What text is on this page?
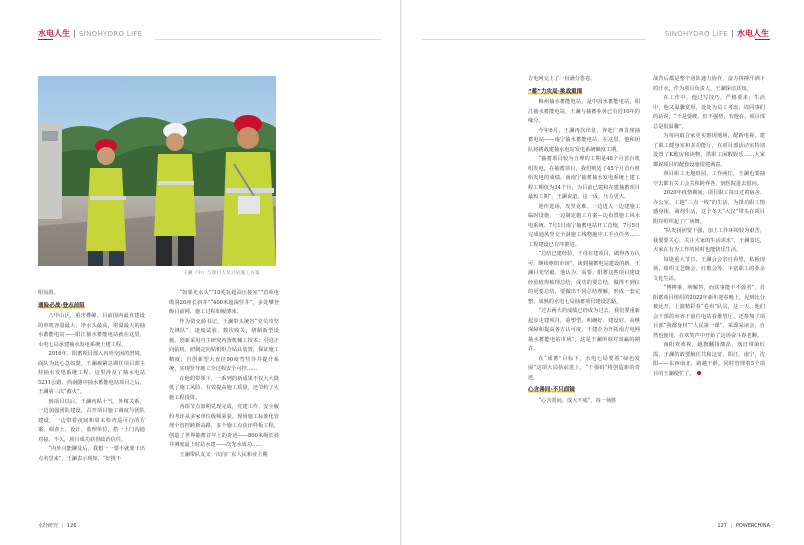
水电人生 SINOHYDRO LIFE
王澜（中）与项目人员讨论施工方案

组氛围。

通险必战·登志前阻

八甲山区，重峦叠嶂。目前国内最直建设的单机容量最大、净水头最高，堪溢最大的抽水蓄能电站——阳江抽水蓄能电站就在这里，水电七局承建抽水发电系统土建工程。

2016年，阳蓄项目部入内外交困的窘境，面队为此心急如焚。王澜被紧急调任项目部主持抽水发电系统工程。这里涉及了抽水电站5211公路、尚南隧中抽水蓄能电站项目之后，王澜第三次“救火”。

到项目以后，王澜内贴十气、外树关系，一边加强团队建设，召开项目施工调度与团队建设，一边带着夜间和周末检查巡可行的方案、调查土、设计、监理单位，搭一上门沟通对接。不久，项目成功获得政治信任。

“内外兴能聊及后，我想一一要不就要干出点名堂来”，王澜表示现如，“好挑不

“如果光水头”“10兆瓦超高压接室”“首项电缆洞26座长斜井”“400米超深竖井”，多处攀登级目前网，施工过程如履薄冰。

作为资交源书记，王澜带头统谷“党员攻坚先锋队”，逢度试验，数次收关，研制新型设施，创新采用自主研究内置机械工技术；引进正向钻机、研制定向钻机组合钻具装置，保证施工精度；自创新型大直径90度弯竖导井提升系统，实现竖导施工全过程安全可控……

在他的带领下，一系列的新成果不仅大大降低了施工风险，有效提高施工质量，还节约了大施工程投资。

各项节点如期兑现完成，党建工作、安全履约考评从多家单位级频荣获。现场施工标准化管理全管控跨新高路，多个施工点获评样板工程，创造了世界抽蓄首年上的奇迹——800米级长斜井测度最上时站水建——次光水成功……

王澜带队友又一次向广东人民和业主期

水经研究 | 126
SINOHYDRO LIFE 水电人生

方电网交上了一份满分答卷。

“蓄”力攻局·挑战重围

梅州抽水蓄能电站，是中国水蓄能电站，阳江抽水蓄能电站，王澜与抽蓄业务已有近10年的缘分。

今年6月，王澜再次出征，奔赴广西首座抽蓄电站——南宁抽水蓄能电站。在这里，他和团队将挑战建抽水电站发电系统额度工期。

“抽蓄项目较为合理的工期是48个月首台机组发电，在抽蓄项目，我们则适了45个月首台机组发电的成绩。南南宁抽蓄抽水发电系统土建工程工期仅为34个月，为目前已建和在建抽蓄项目最短工期”，王澜说道，这一成，压力更大。

迎作进场，攻坚克难。一边进入一边建施工临时设施，一边制定施工方案—边布置施工风水电系统。7月1日南宁抽蓄电站开工首炮，7月5日完成通风竖交全洞施工线物施中工手点任务……工程建设已有序推进。

“总结已建经验，千母在建项目，做得各方认可，继续枢纽市场”，谈到抽蓄电站建设的新、王澜目光坚毅、他认为，高要、阳蓄这些项目建设经验值得梳理总结，成功的要总结，做得不到位的更要总结，要做出不同总结理解，形成一套完整、成熟的水电七局抽蓄项目建设思路。

“过去两大的成绩已经成为过去，我们要重新起步走建项目，重塑型，明确好，建设好，高继保障和提高各方认可度，不建企为开拓南方电网抽水蓄能电站市场”，这是王澜所刻对其赢的期许。

在“成蓄”目标下，水电七局要着“绿色发展”这项大局执前进上，“千强码”将创造新的奇迹。

心含善同·不只面镜

“心含善间，成大不成”，每一场胜

战背后都是整个团队通力协作，奋力拼搏汗洒下的汗水，作为项目负责人，王澜深谙其知。

在工作中，他过写技巧，严格要求；生活中，他又温馨宽厚，处处为员工考虑，周同事们的话说，“干是要硬，但不强势，有他在，项目部总是很温馨”。

为每问取合家更实惠现地场，配新电视，建了职工健身室和多功能厅，在项目部活动室特别设置了K歌房和读物，供职工闲暇娱乐……大家都说项目的配套设施很建满意。

项目职工无地组园，工作两忙，王澜也要抽空去都有关工会关和跨界各，到医院进去慰问。

2020年疫情期间，项目职工每日过着宿舍、办公室、工地“三点一线”的生活，为排功职工情感身体，调剂生活，这个冬天“大汉”带头在项目附岸组织起了广场舞。

“队发扬团要干强，加上工作环境较为艰苦，我要要关心，关注大家的生活需求”，王澜表达，大家在有为工作的同时也能快乐生活。

每逢重大节日，王澜会会亲自看望，私板现场，组织文艺晚会、红歌会等，丰富职工的业余文化生活。

“博搏事，明解答，而其事能不不致者”，首阳蓄项目组织的2022年新年迎春晚上，见到比分被比开，上演精彩春“卷布”队员，这一天，他们会干部的举齐干前往电站看堆望厅，还参加了项目部“我都身材”“人民第一课”，采即采读会，自然也使用，在欢笑声中开始了这场奋斗春老聊。

南阳欢欢视，越旗翻扬激昂，落日带染红霞，王澜的敢要脑任共和这征，阳江，南宁，沈阳——东西南北，路越干龄，同时管理着5个项目的王澜使忙了。

127 | POWERCHINA
